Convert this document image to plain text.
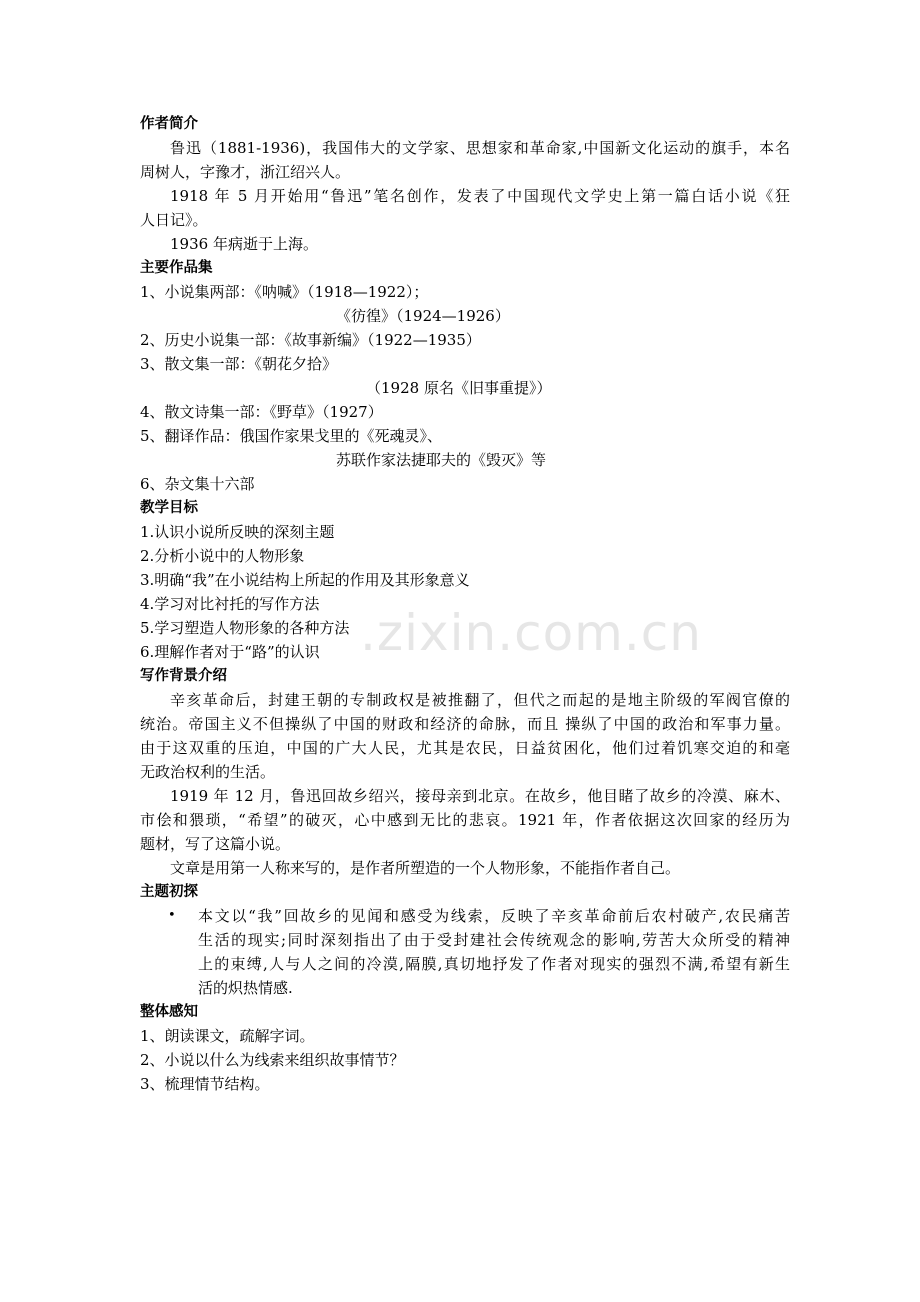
.zixin.com.cn
作者简介
鲁迅（1881-1936)，我国伟大的文学家、思想家和革命家,中国新文化运动的旗手，本名
周树人，字豫才，浙江绍兴人。
1918 年 5 月开始用“鲁迅”笔名创作，发表了中国现代文学史上第一篇白话小说《狂
人日记》。
1936 年病逝于上海。
主要作品集
1、小说集两部：《呐喊》（1918—1922）；
《彷徨》（1924—1926）
2、历史小说集一部：《故事新编》（1922—1935）
3、散文集一部：《朝花夕拾》
（1928 原名《旧事重提》）
4、散文诗集一部：《野草》（1927）
5、翻译作品：俄国作家果戈里的《死魂灵》、
苏联作家法捷耶夫的《毁灭》等
6、杂文集十六部
教学目标
1.认识小说所反映的深刻主题
2.分析小说中的人物形象
3.明确“我”在小说结构上所起的作用及其形象意义
4.学习对比衬托的写作方法
5.学习塑造人物形象的各种方法
6.理解作者对于“路”的认识
写作背景介绍
辛亥革命后，封建王朝的专制政权是被推翻了，但代之而起的是地主阶级的军阀官僚的
统治。帝国主义不但操纵了中国的财政和经济的命脉，而且 操纵了中国的政治和军事力量。
由于这双重的压迫，中国的广大人民，尤其是农民，日益贫困化，他们过着饥寒交迫的和毫
无政治权利的生活。
1919 年 12 月，鲁迅回故乡绍兴，接母亲到北京。在故乡，他目睹了故乡的冷漠、麻木、
市侩和猥琐，“希望”的破灭，心中感到无比的悲哀。1921 年，作者依据这次回家的经历为
题材，写了这篇小说。
文章是用第一人称来写的，是作者所塑造的一个人物形象，不能指作者自己。
主题初探
• 本文以“我”回故乡的见闻和感受为线索，反映了辛亥革命前后农村破产,农民痛苦
生活的现实;同时深刻指出了由于受封建社会传统观念的影响,劳苦大众所受的精神
上的束缚,人与人之间的冷漠,隔膜,真切地抒发了作者对现实的强烈不满,希望有新生
活的炽热情感.
整体感知
1、朗读课文，疏解字词。
2、小说以什么为线索来组织故事情节？
3、梳理情节结构。
